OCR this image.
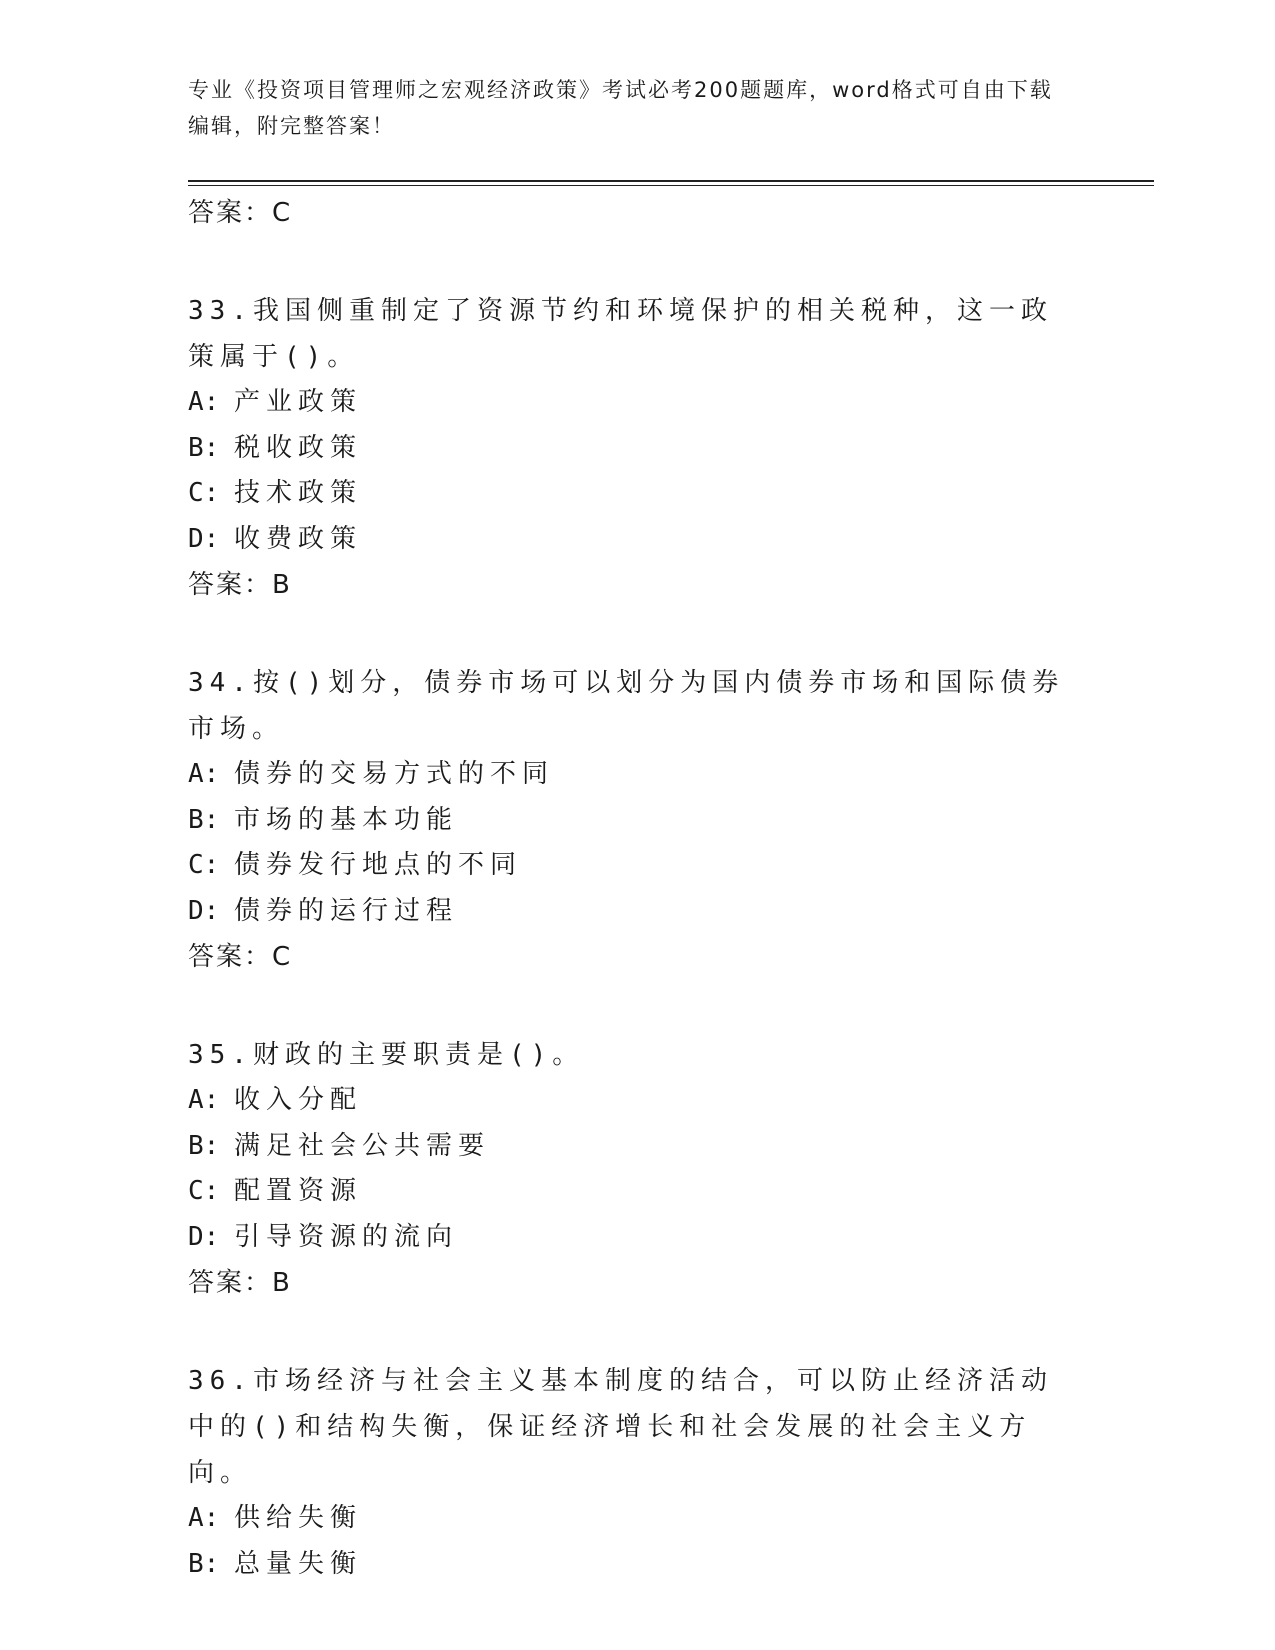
专业《投资项目管理师之宏观经济政策》考试必考200题题库，word格式可自由下载编辑，附完整答案！
答案：C
33.我国侧重制定了资源节约和环境保护的相关税种，这一政策属于()。
A: 产业政策
B: 税收政策
C: 技术政策
D: 收费政策
答案：B
34.按()划分，债券市场可以划分为国内债券市场和国际债券市场。
A: 债券的交易方式的不同
B: 市场的基本功能
C: 债券发行地点的不同
D: 债券的运行过程
答案：C
35.财政的主要职责是()。
A: 收入分配
B: 满足社会公共需要
C: 配置资源
D: 引导资源的流向
答案：B
36.市场经济与社会主义基本制度的结合，可以防止经济活动中的()和结构失衡，保证经济增长和社会发展的社会主义方向。
A: 供给失衡
B: 总量失衡
